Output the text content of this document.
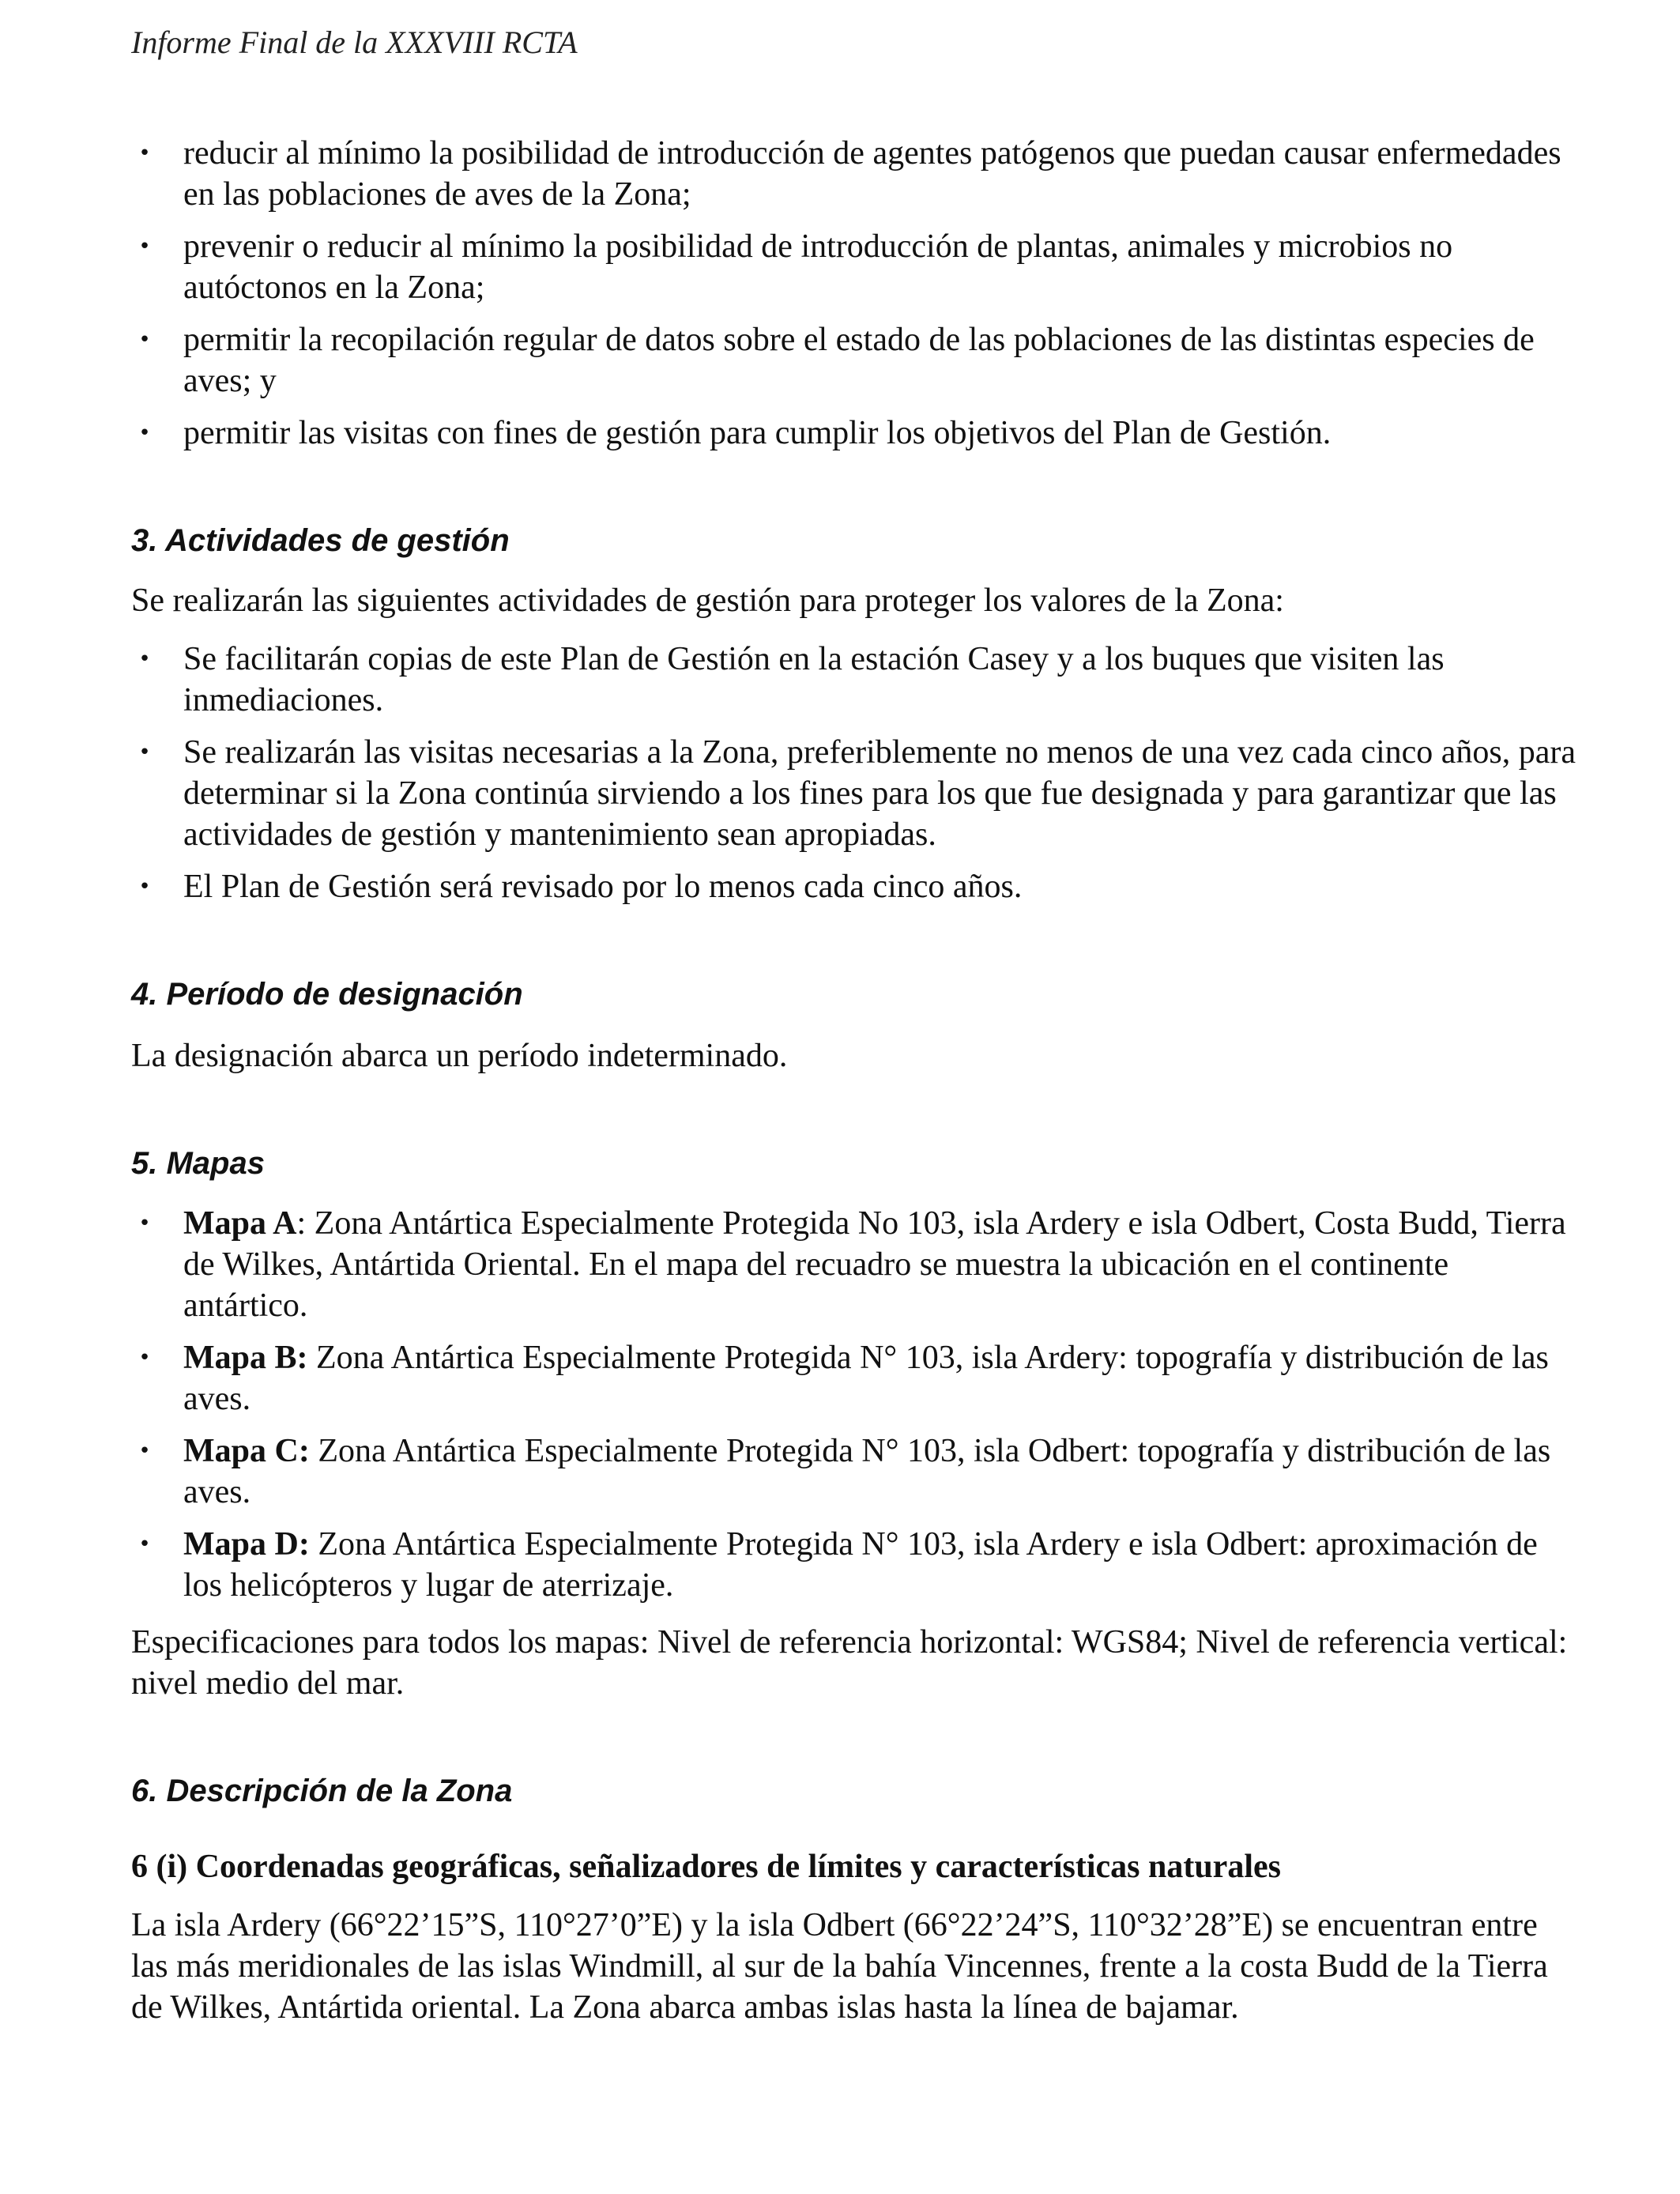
Informe Final de la XXXVIII RCTA

• reducir al mínimo la posibilidad de introducción de agentes patógenos que puedan causar enfermedades en las poblaciones de aves de la Zona;
• prevenir o reducir al mínimo la posibilidad de introducción de plantas, animales y microbios no autóctonos en la Zona;
• permitir la recopilación regular de datos sobre el estado de las poblaciones de las distintas especies de aves; y
• permitir las visitas con fines de gestión para cumplir los objetivos del Plan de Gestión.
3. Actividades de gestión

Se realizarán las siguientes actividades de gestión para proteger los valores de la Zona:

• Se facilitarán copias de este Plan de Gestión en la estación Casey y a los buques que visiten las inmediaciones.
• Se realizarán las visitas necesarias a la Zona, preferiblemente no menos de una vez cada cinco años, para determinar si la Zona continúa sirviendo a los fines para los que fue designada y para garantizar que las actividades de gestión y mantenimiento sean apropiadas.
• El Plan de Gestión será revisado por lo menos cada cinco años.
4. Período de designación

La designación abarca un período indeterminado.

5. Mapas
• Mapa A: Zona Antártica Especialmente Protegida No 103, isla Ardery e isla Odbert, Costa Budd, Tierra de Wilkes, Antártida Oriental. En el mapa del recuadro se muestra la ubicación en el continente antártico.
• Mapa B: Zona Antártica Especialmente Protegida N° 103, isla Ardery: topografía y distribución de las aves.
• Mapa C: Zona Antártica Especialmente Protegida N° 103, isla Odbert: topografía y distribución de las aves.
• Mapa D: Zona Antártica Especialmente Protegida N° 103, isla Ardery e isla Odbert: aproximación de los helicópteros y lugar de aterrizaje.

Especificaciones para todos los mapas: Nivel de referencia horizontal: WGS84; Nivel de referencia vertical: nivel medio del mar.

6. Descripción de la Zona
6 (i) Coordenadas geográficas, señalizadores de límites y características naturales

La isla Ardery (66°22’15”S, 110°27’0”E) y la isla Odbert (66°22’24”S, 110°32’28”E) se encuentran entre las más meridionales de las islas Windmill, al sur de la bahía Vincennes, frente a la costa Budd de la Tierra de Wilkes, Antártida oriental. La Zona abarca ambas islas hasta la línea de bajamar.
